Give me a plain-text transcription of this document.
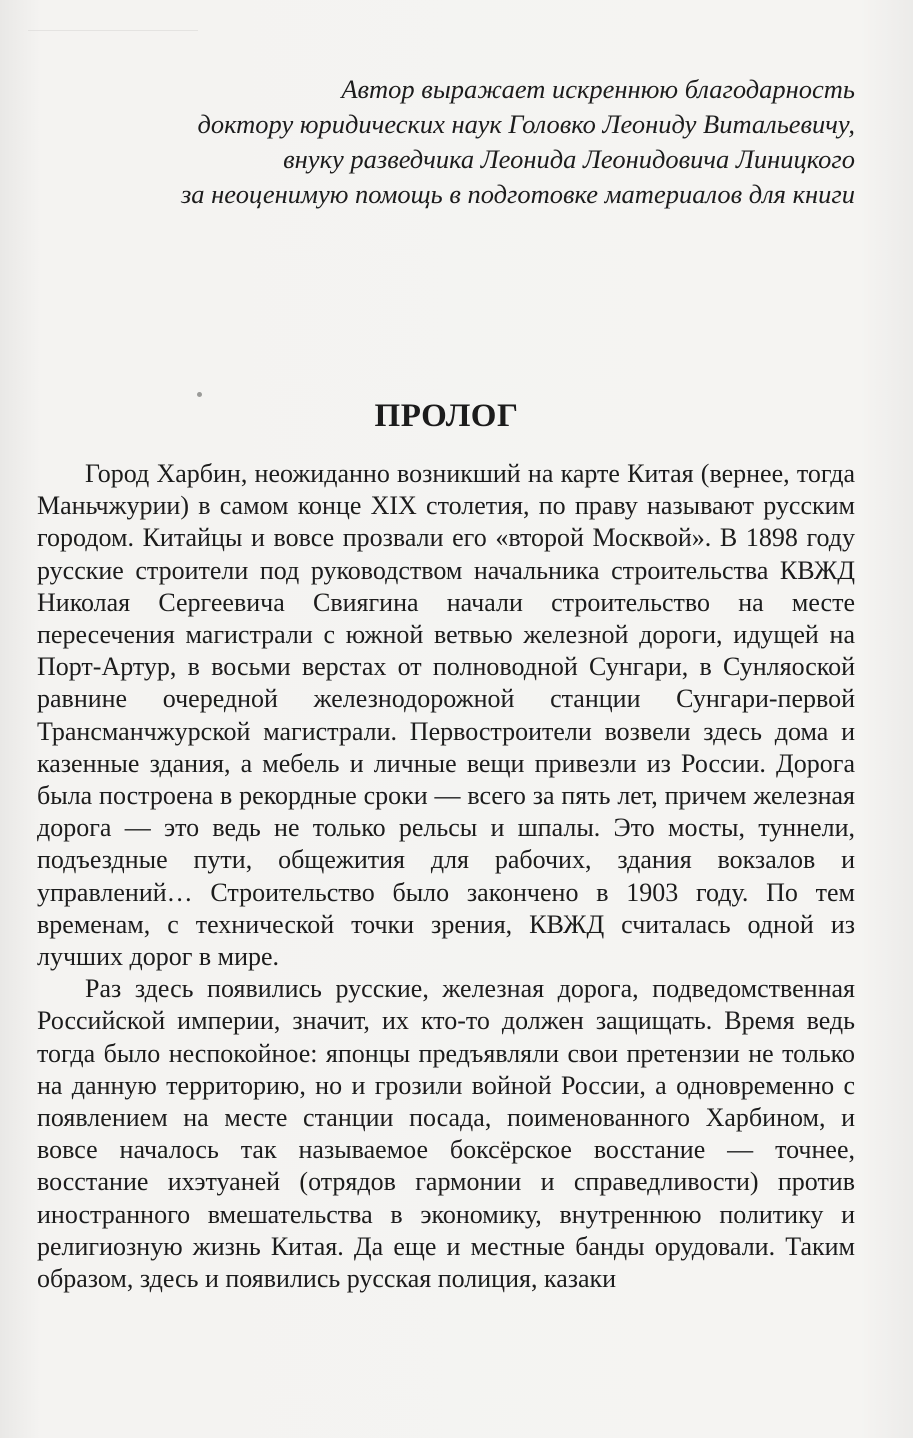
Автор выражает искреннюю благодарность
доктору юридических наук Головко Леониду Витальевичу,
внуку разведчика Леонида Леонидовича Линицкого
за неоценимую помощь в подготовке материалов для книги
ПРОЛОГ

Город Харбин, неожиданно возникший на карте Китая (вернее, тогда Маньчжурии) в самом конце XIX столетия, по праву называют русским городом. Китайцы и вовсе прозвали его «второй Москвой». В 1898 году русские строители под руководством начальника строительства КВЖД Николая Сергеевича Свиягина начали строительство на месте пересечения магистрали с южной ветвью железной дороги, идущей на Порт-Артур, в восьми верстах от полноводной Сунгари, в Сунляоской равнине очередной железнодорожной станции Сунгари-первой Трансманчжурской магистрали. Первостроители возвели здесь дома и казенные здания, а мебель и личные вещи привезли из России. Дорога была построена в рекордные сроки — всего за пять лет, причем железная дорога — это ведь не только рельсы и шпалы. Это мосты, туннели, подъездные пути, общежития для рабочих, здания вокзалов и управлений… Строительство было закончено в 1903 году. По тем временам, с технической точки зрения, КВЖД считалась одной из лучших дорог в мире.

Раз здесь появились русские, железная дорога, подведомственная Российской империи, значит, их кто-то должен защищать. Время ведь тогда было неспокойное: японцы предъявляли свои претензии не только на данную территорию, но и грозили войной России, а одновременно с появлением на месте станции посада, поименованного Харбином, и вовсе началось так называемое боксёрское восстание — точнее, восстание ихэтуаней (отрядов гармонии и справедливости) против иностранного вмешательства в экономику, внутреннюю политику и религиозную жизнь Китая. Да еще и местные банды орудовали. Таким образом, здесь и появились русская полиция, казаки
